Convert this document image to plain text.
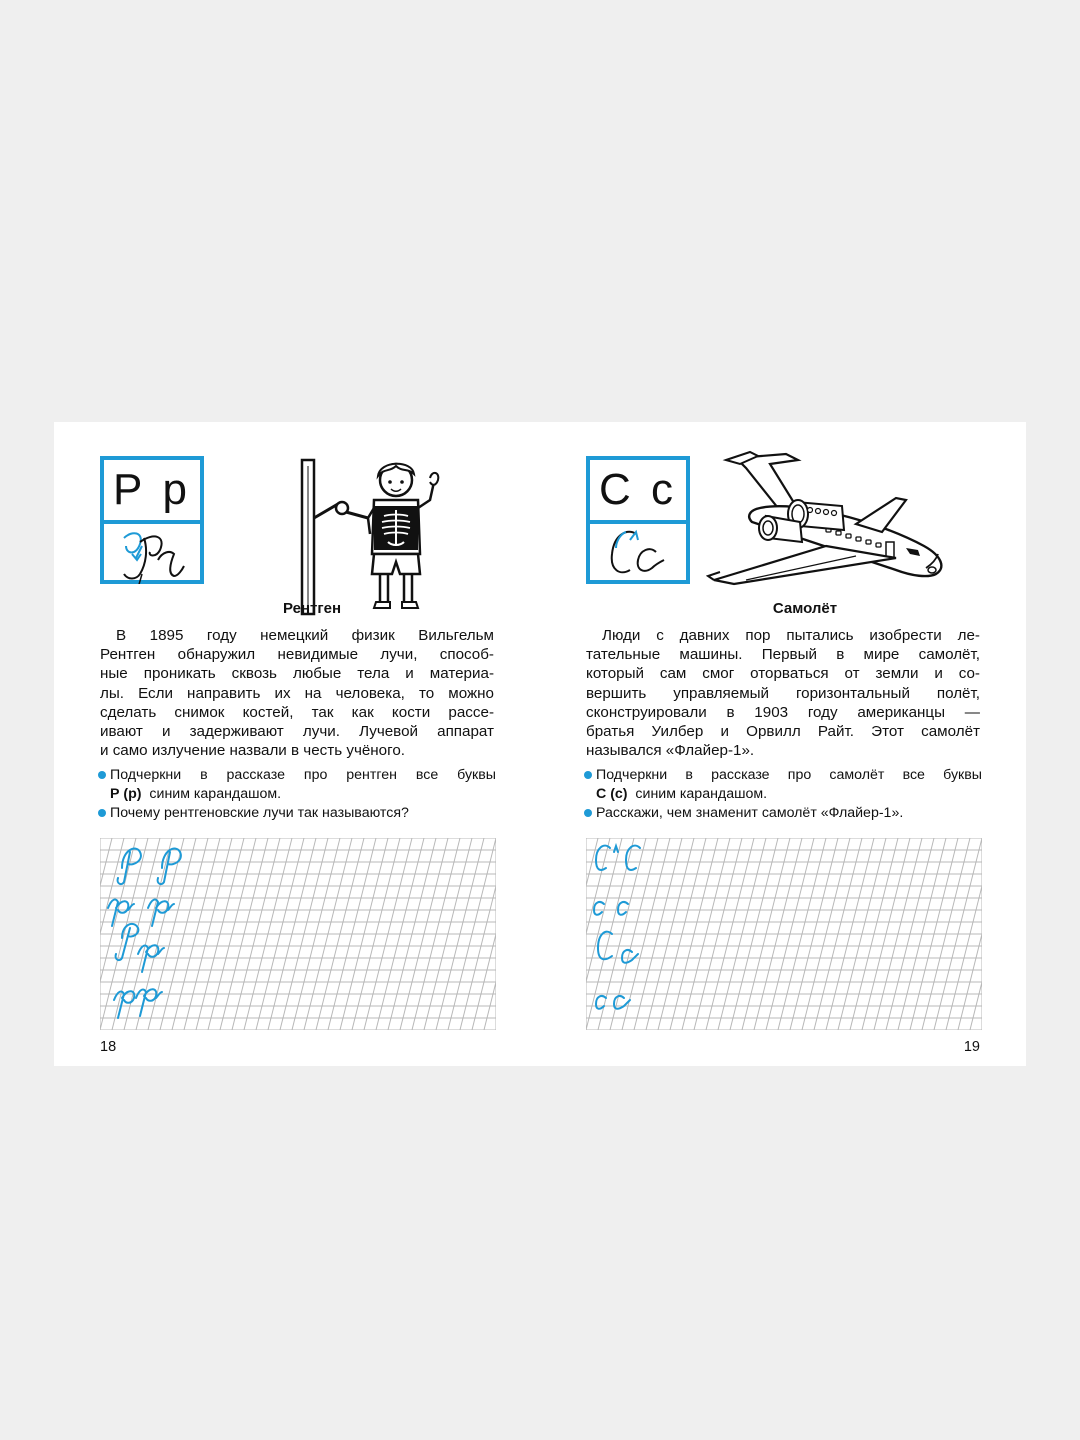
Р р
Рентген

В 1895 году немецкий физик Вильгельм
Рентген обнаружил невидимые лучи, способ-
ные проникать сквозь любые тела и материа-
лы. Если направить их на человека, то можно
сделать снимок костей, так как кости рассе-
ивают и задерживают лучи. Лучевой аппарат
и само излучение назвали в честь учёного.

Подчеркни в рассказе про рентген все буквы
Р (р) синим карандашом.
Почему рентгеновские лучи так называются?
18
С с
Самолёт

Люди с давних пор пытались изобрести ле-
тательные машины. Первый в мире самолёт,
который сам смог оторваться от земли и со-
вершить управляемый горизонтальный полёт,
сконструировали в 1903 году американцы —
братья Уилбер и Орвилл Райт. Этот самолёт
назывался «Флайер-1».

Подчеркни в рассказе про самолёт все буквы
С (с) синим карандашом.
Расскажи, чем знаменит самолёт «Флайер-1».
19
